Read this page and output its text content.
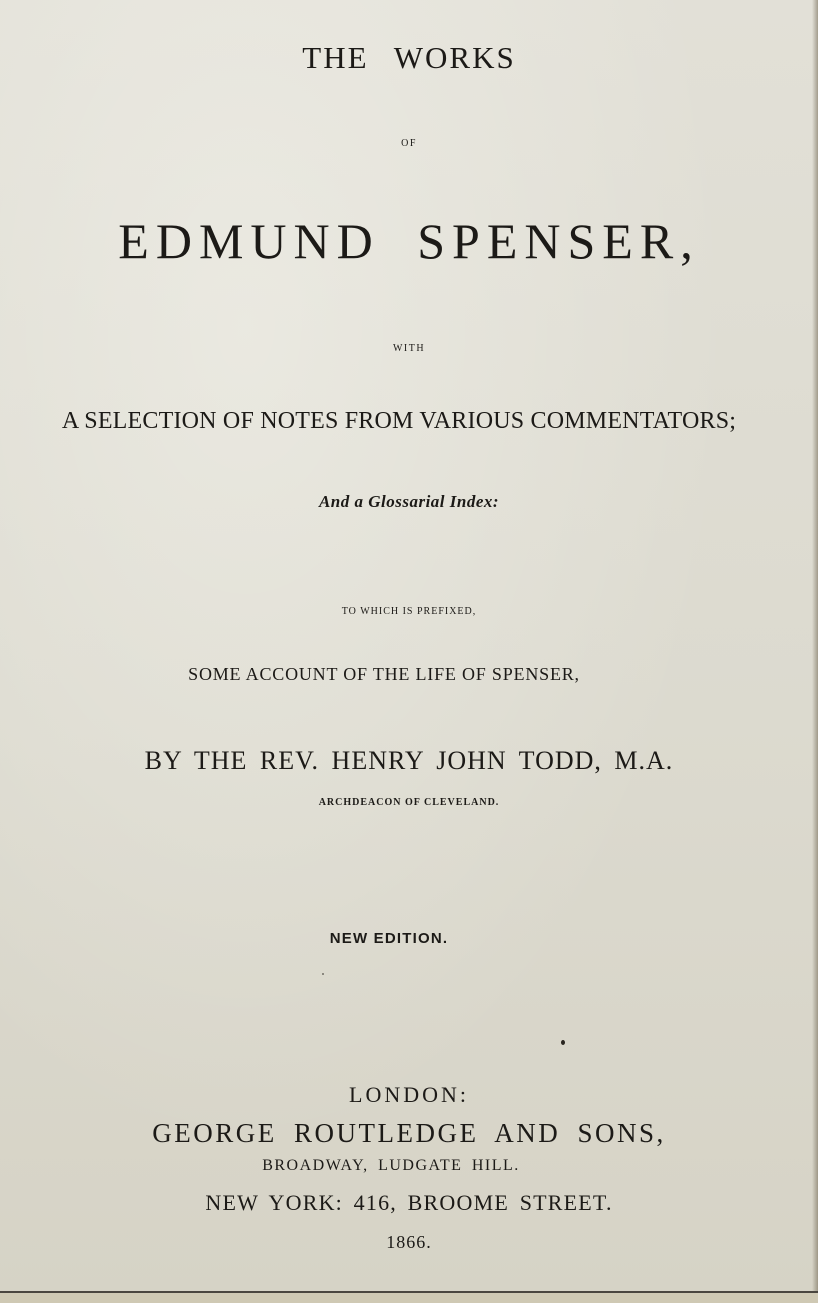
THE WORKS
OF
EDMUND SPENSER,
WITH
A SELECTION OF NOTES FROM VARIOUS COMMENTATORS;
And a Glossarial Index:
TO WHICH IS PREFIXED,
SOME ACCOUNT OF THE LIFE OF SPENSER,
BY THE REV. HENRY JOHN TODD, M.A.
ARCHDEACON OF CLEVELAND.
NEW EDITION.
LONDON:
GEORGE ROUTLEDGE AND SONS,
BROADWAY, LUDGATE HILL.
NEW YORK: 416, BROOME STREET.
1866.
